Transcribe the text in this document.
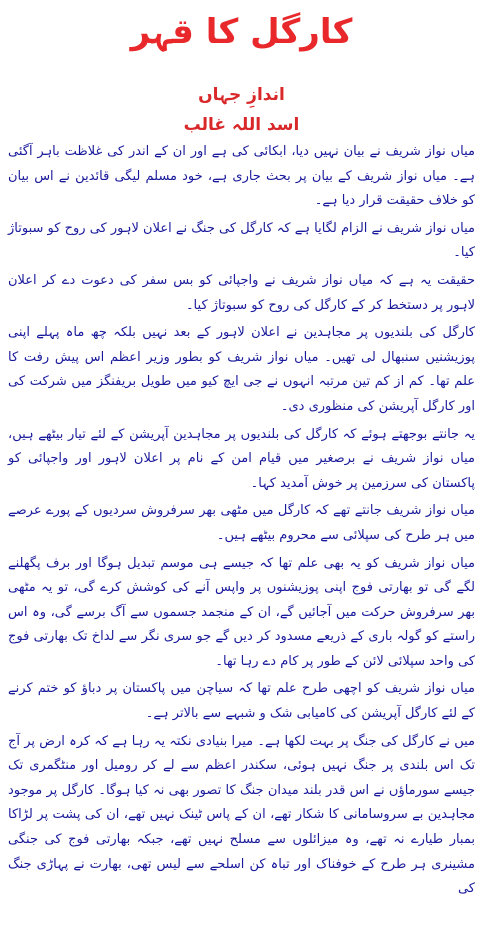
کارگل کا قہر
اندازِ جہاں
اسد اللہ غالب

میاں نواز شریف نے بیان نہیں دیا، ابکائی کی ہے اور ان کے اندر کی غلاظت باہر آگئی ہے۔ میاں نواز شریف کے بیان پر بحث جاری ہے، خود مسلم لیگی قائدین نے اس بیان کو خلاف حقیقت قرار دیا ہے۔

میاں نواز شریف نے الزام لگایا ہے کہ کارگل کی جنگ نے اعلان لاہور کی روح کو سبوتاژ کیا۔

حقیقت یہ ہے کہ میاں نواز شریف نے واجپائی کو بس سفر کی دعوت دے کر اعلان لاہور پر دستخط کر کے کارگل کی روح کو سبوتاژ کیا۔

کارگل کی بلندیوں پر مجاہدین نے اعلان لاہور کے بعد نہیں بلکہ چھ ماہ پہلے اپنی پوزیشنیں سنبھال لی تھیں۔ میاں نواز شریف کو بطور وزیر اعظم اس پیش رفت کا علم تھا۔ کم از کم تین مرتبہ انہوں نے جی ایچ کیو میں طویل بریفنگز میں شرکت کی اور کارگل آپریشن کی منظوری دی۔

یہ جانتے بوجھتے ہوئے کہ کارگل کی بلندیوں پر مجاہدین آپریشن کے لئے تیار بیٹھے ہیں، میاں نواز شریف نے برصغیر میں قیام امن کے نام پر اعلان لاہور اور واجپائی کو پاکستان کی سرزمین پر خوش آمدید کہا۔

میاں نواز شریف جانتے تھے کہ کارگل میں مٹھی بھر سرفروش سردیوں کے پورے عرصے میں ہر طرح کی سپلائی سے محروم بیٹھے ہیں۔

میاں نواز شریف کو یہ بھی علم تھا کہ جیسے ہی موسم تبدیل ہوگا اور برف پگھلنے لگے گی تو بھارتی فوج اپنی پوزیشنوں پر واپس آنے کی کوشش کرے گی، تو یہ مٹھی بھر سرفروش حرکت میں آجائیں گے، ان کے منجمد جسموں سے آگ برسے گی، وہ اس راستے کو گولہ باری کے ذریعے مسدود کر دیں گے جو سری نگر سے لداخ تک بھارتی فوج کی واحد سپلائی لائن کے طور پر کام دے رہا تھا۔

میاں نواز شریف کو اچھی طرح علم تھا کہ سیاچن میں پاکستان پر دباؤ کو ختم کرنے کے لئے کارگل آپریشن کی کامیابی شک و شبہے سے بالاتر ہے۔

میں نے کارگل کی جنگ پر بہت لکھا ہے۔ میرا بنیادی نکتہ یہ رہا ہے کہ کرہ ارض پر آج تک اس بلندی پر جنگ نہیں ہوئی، سکندر اعظم سے لے کر رومیل اور منٹگمری تک جیسے سورماؤں نے اس قدر بلند میدان جنگ کا تصور بھی نہ کیا ہوگا۔ کارگل پر موجود مجاہدین بے سروسامانی کا شکار تھے، ان کے پاس ٹینک نہیں تھے، ان کی پشت پر لڑاکا بمبار طیارے نہ تھے، وہ میزائلوں سے مسلح نہیں تھے، جبکہ بھارتی فوج کی جنگی مشینری ہر طرح کے خوفناک اور تباہ کن اسلحے سے لیس تھی، بھارت نے پہاڑی جنگ کی
